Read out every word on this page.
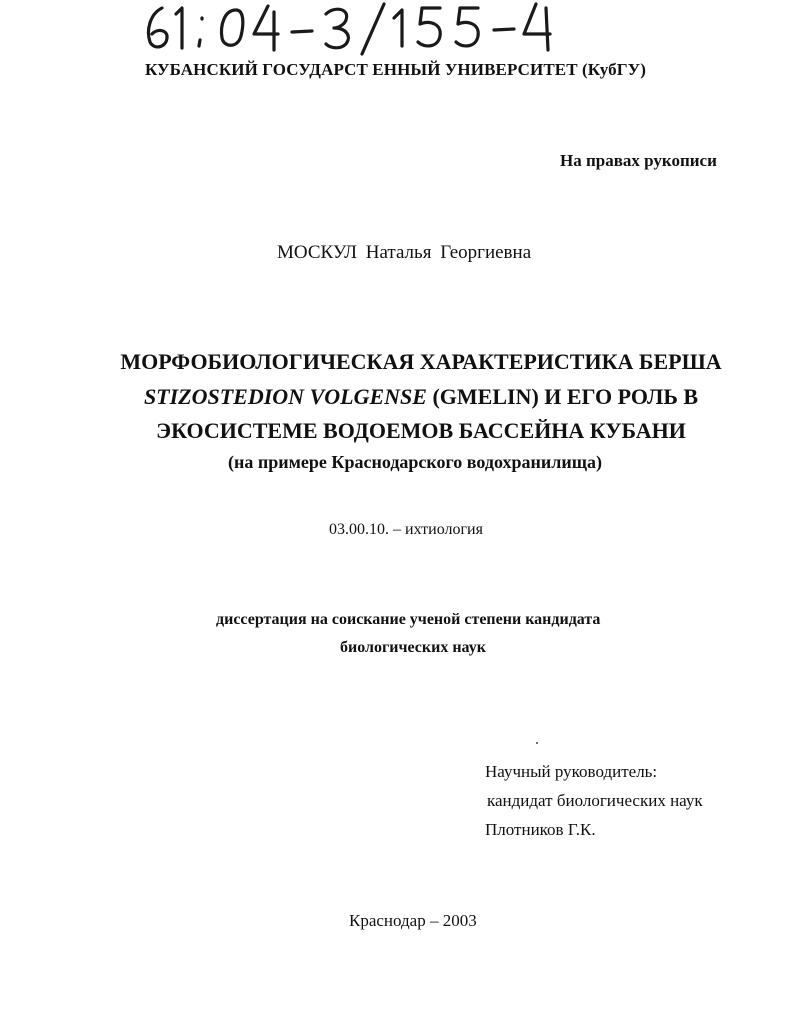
КУБАНСКИЙ ГОСУДАРСТ ЕННЫЙ УНИВЕРСИТЕТ (КубГУ)
На правах рукописи
МОСКУЛ Наталья Георгиевна
МОРФОБИОЛОГИЧЕСКАЯ ХАРАКТЕРИСТИКА БЕРША
STIZOSTEDION VOLGENSE (GMELIN) И ЕГО РОЛЬ В
ЭКОСИСТЕМЕ ВОДОЕМОВ БАССЕЙНА КУБАНИ
(на примере Краснодарского водохранилища)
03.00.10. – ихтиология
диссертация на соискание ученой степени кандидата
биологических наук
Научный руководитель:
кандидат биологических наук
Плотников Г.К.
Краснодар – 2003
